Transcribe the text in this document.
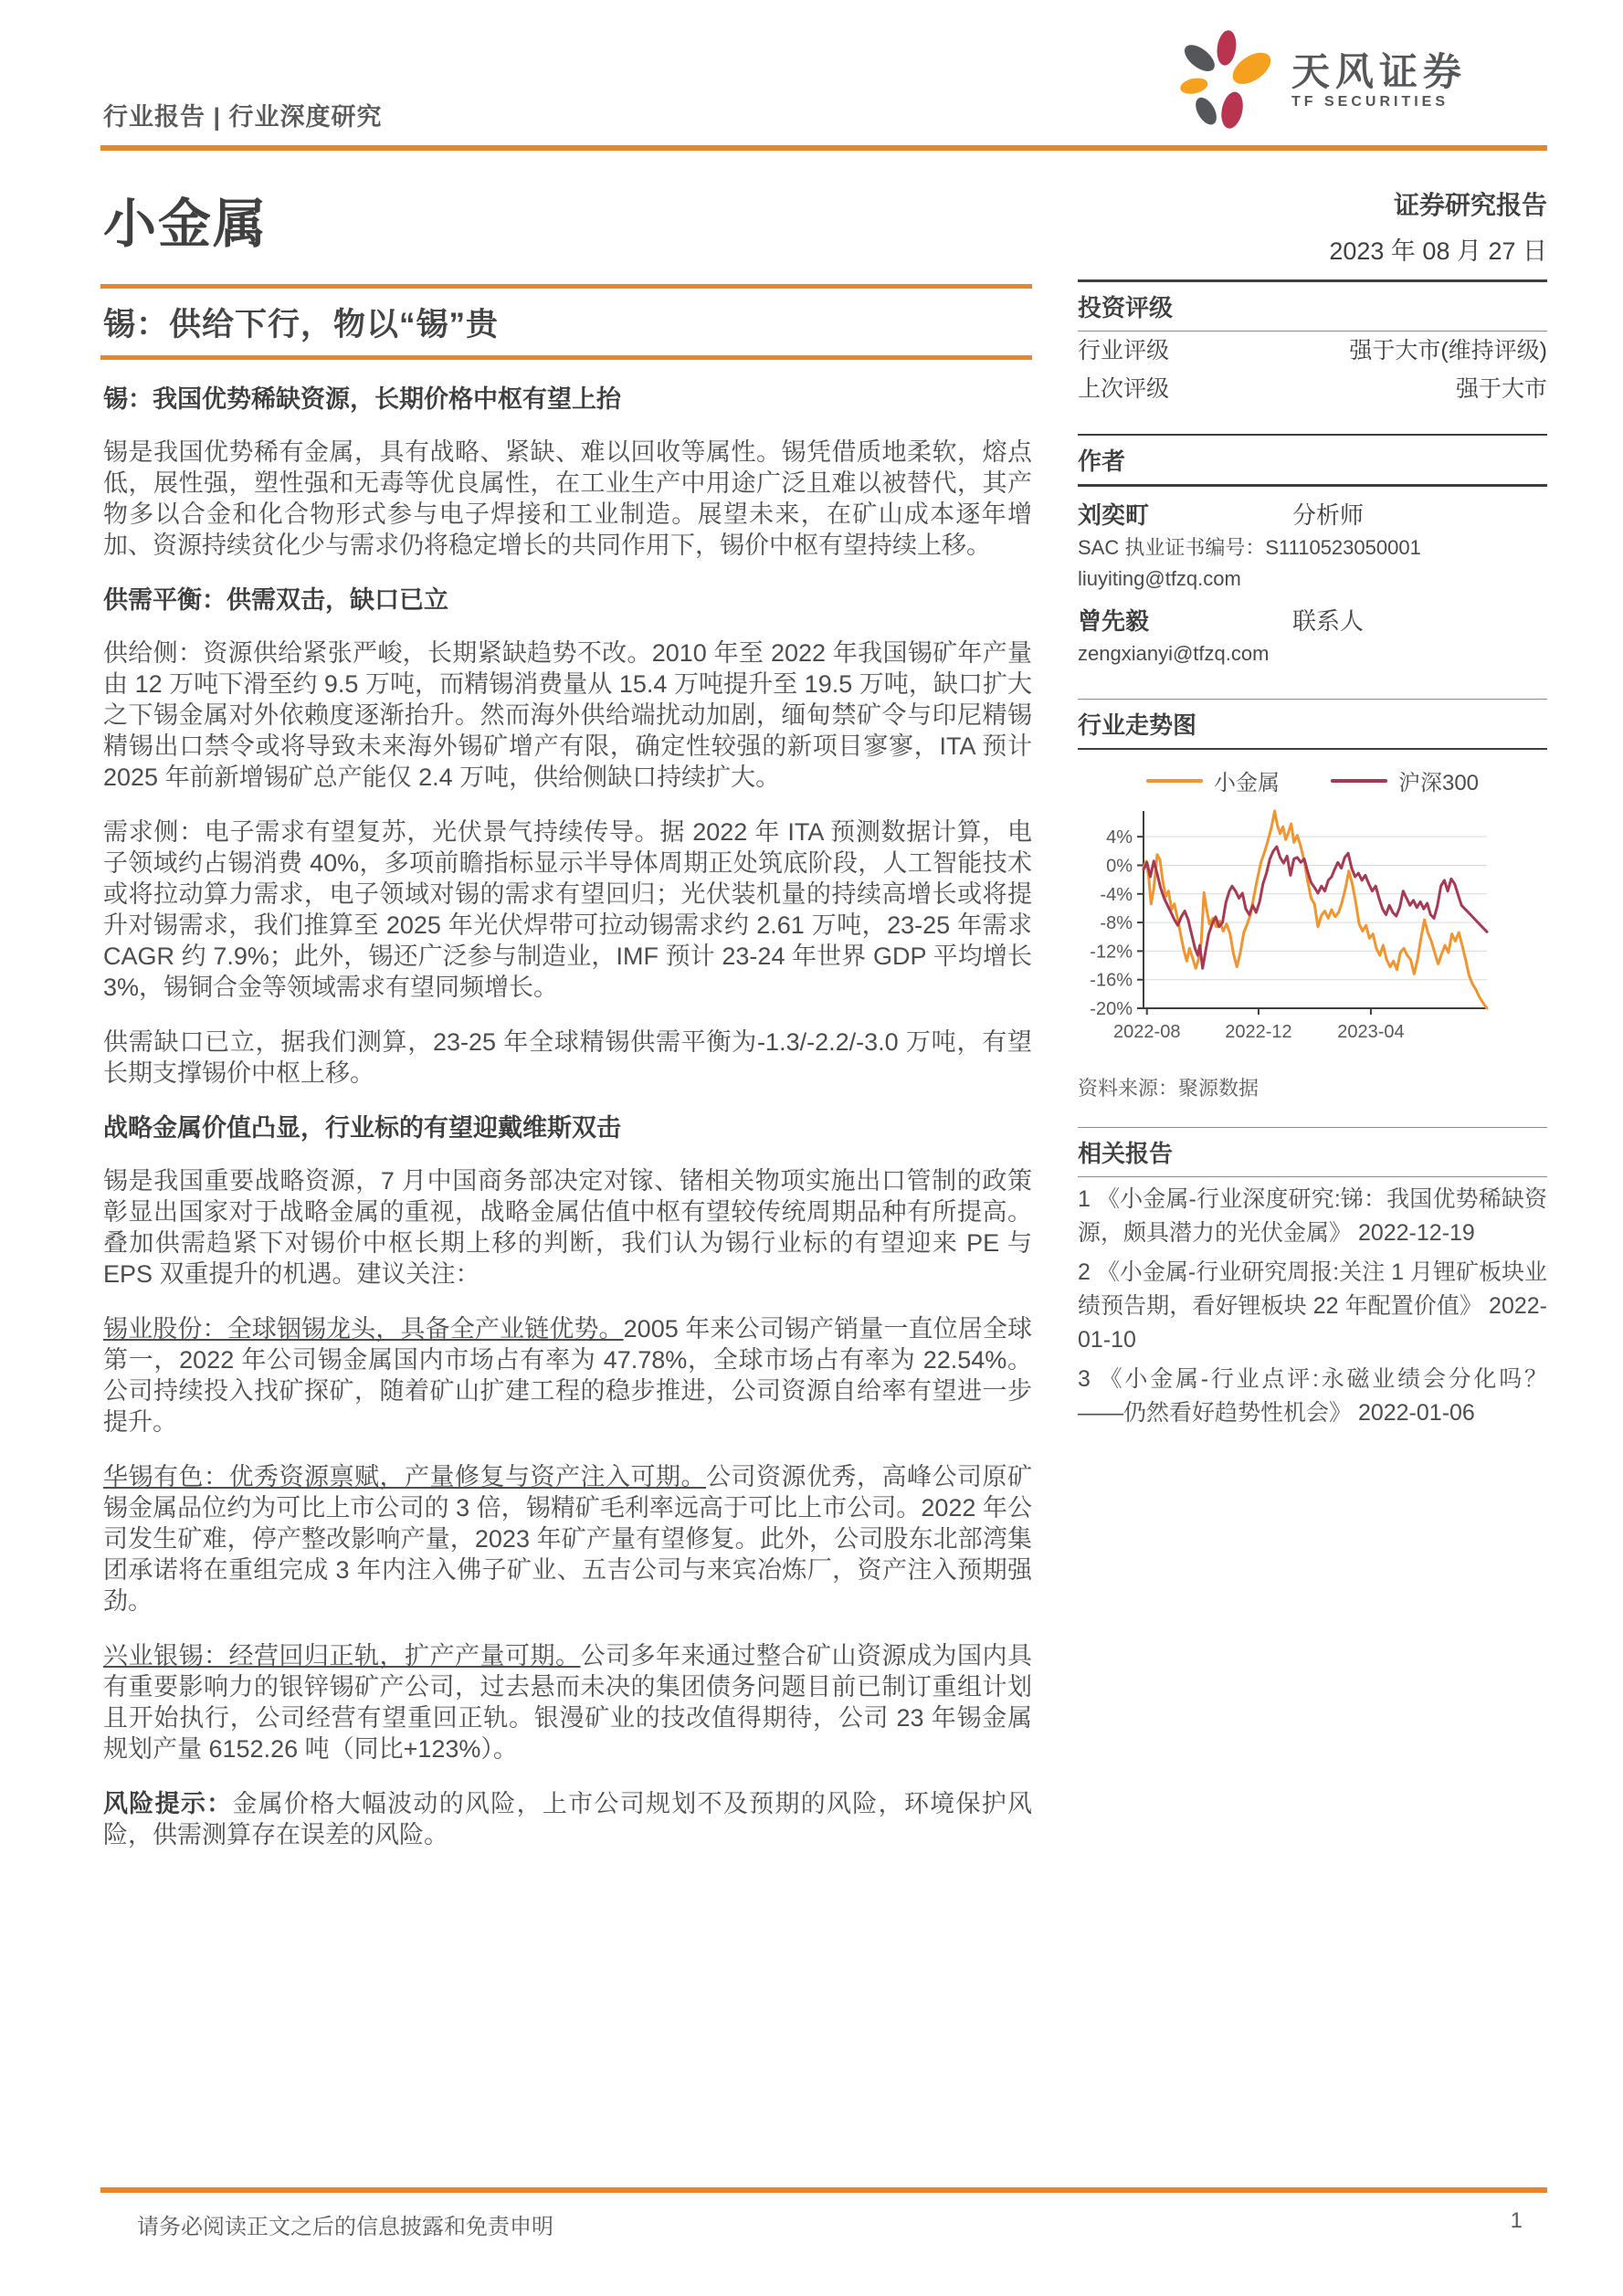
行业报告 | 行业深度研究
天风证券
TF SECURITIES
小金属
锡：供给下行，物以“锡”贵
锡：我国优势稀缺资源，长期价格中枢有望上抬

锡是我国优势稀有金属，具有战略、紧缺、难以回收等属性。锡凭借质地柔软，熔点低，展性强，塑性强和无毒等优良属性，在工业生产中用途广泛且难以被替代，其产物多以合金和化合物形式参与电子焊接和工业制造。展望未来，在矿山成本逐年增加、资源持续贫化少与需求仍将稳定增长的共同作用下，锡价中枢有望持续上移。

供需平衡：供需双击，缺口已立

供给侧：资源供给紧张严峻，长期紧缺趋势不改。2010 年至 2022 年我国锡矿年产量由 12 万吨下滑至约 9.5 万吨，而精锡消费量从 15.4 万吨提升至 19.5 万吨，缺口扩大之下锡金属对外依赖度逐渐抬升。然而海外供给端扰动加剧，缅甸禁矿令与印尼精锡精锡出口禁令或将导致未来海外锡矿增产有限，确定性较强的新项目寥寥，ITA 预计 2025 年前新增锡矿总产能仅 2.4 万吨，供给侧缺口持续扩大。

需求侧：电子需求有望复苏，光伏景气持续传导。据 2022 年 ITA 预测数据计算，电子领域约占锡消费 40%，多项前瞻指标显示半导体周期正处筑底阶段，人工智能技术或将拉动算力需求，电子领域对锡的需求有望回归；光伏装机量的持续高增长或将提升对锡需求，我们推算至 2025 年光伏焊带可拉动锡需求约 2.61 万吨，23-25 年需求 CAGR 约 7.9%；此外，锡还广泛参与制造业，IMF 预计 23-24 年世界 GDP 平均增长 3%，锡铜合金等领域需求有望同频增长。

供需缺口已立，据我们测算，23-25 年全球精锡供需平衡为-1.3/-2.2/-3.0 万吨，有望长期支撑锡价中枢上移。

战略金属价值凸显，行业标的有望迎戴维斯双击

锡是我国重要战略资源，7 月中国商务部决定对镓、锗相关物项实施出口管制的政策彰显出国家对于战略金属的重视，战略金属估值中枢有望较传统周期品种有所提高。叠加供需趋紧下对锡价中枢长期上移的判断，我们认为锡行业标的有望迎来 PE 与 EPS 双重提升的机遇。建议关注：

锡业股份：全球铟锡龙头，具备全产业链优势。2005 年来公司锡产销量一直位居全球第一，2022 年公司锡金属国内市场占有率为 47.78%，全球市场占有率为 22.54%。公司持续投入找矿探矿，随着矿山扩建工程的稳步推进，公司资源自给率有望进一步提升。

华锡有色：优秀资源禀赋，产量修复与资产注入可期。公司资源优秀，高峰公司原矿锡金属品位约为可比上市公司的 3 倍，锡精矿毛利率远高于可比上市公司。2022 年公司发生矿难，停产整改影响产量，2023 年矿产量有望修复。此外，公司股东北部湾集团承诺将在重组完成 3 年内注入佛子矿业、五吉公司与来宾冶炼厂，资产注入预期强劲。

兴业银锡：经营回归正轨，扩产产量可期。公司多年来通过整合矿山资源成为国内具有重要影响力的银锌锡矿产公司，过去悬而未决的集团债务问题目前已制订重组计划且开始执行，公司经营有望重回正轨。银漫矿业的技改值得期待，公司 23 年锡金属规划产量 6152.26 吨（同比+123%）。

风险提示：金属价格大幅波动的风险，上市公司规划不及预期的风险，环境保护风险，供需测算存在误差的风险。

证券研究报告
2023 年 08 月 27 日
投资评级
行业评级	强于大市(维持评级)
上次评级	强于大市
作者
刘奕町	分析师
SAC 执业证书编号：S1110523050001
liuyiting@tfzq.com
曾先毅	联系人
zengxianyi@tfzq.com
行业走势图
小金属	沪深300
4%
0%
-4%
-8%
-12%
-16%
-20%
2022-08 2022-12 2023-04
资料来源：聚源数据
相关报告
1 《小金属-行业深度研究:锑：我国优势稀缺资源，颇具潜力的光伏金属》 2022-12-19
2 《小金属-行业研究周报:关注 1 月锂矿板块业绩预告期，看好锂板块 22 年配置价值》 2022-01-10
3 《小金属-行业点评:永磁业绩会分化吗？ ——仍然看好趋势性机会》 2022-01-06
请务必阅读正文之后的信息披露和免责申明	1
